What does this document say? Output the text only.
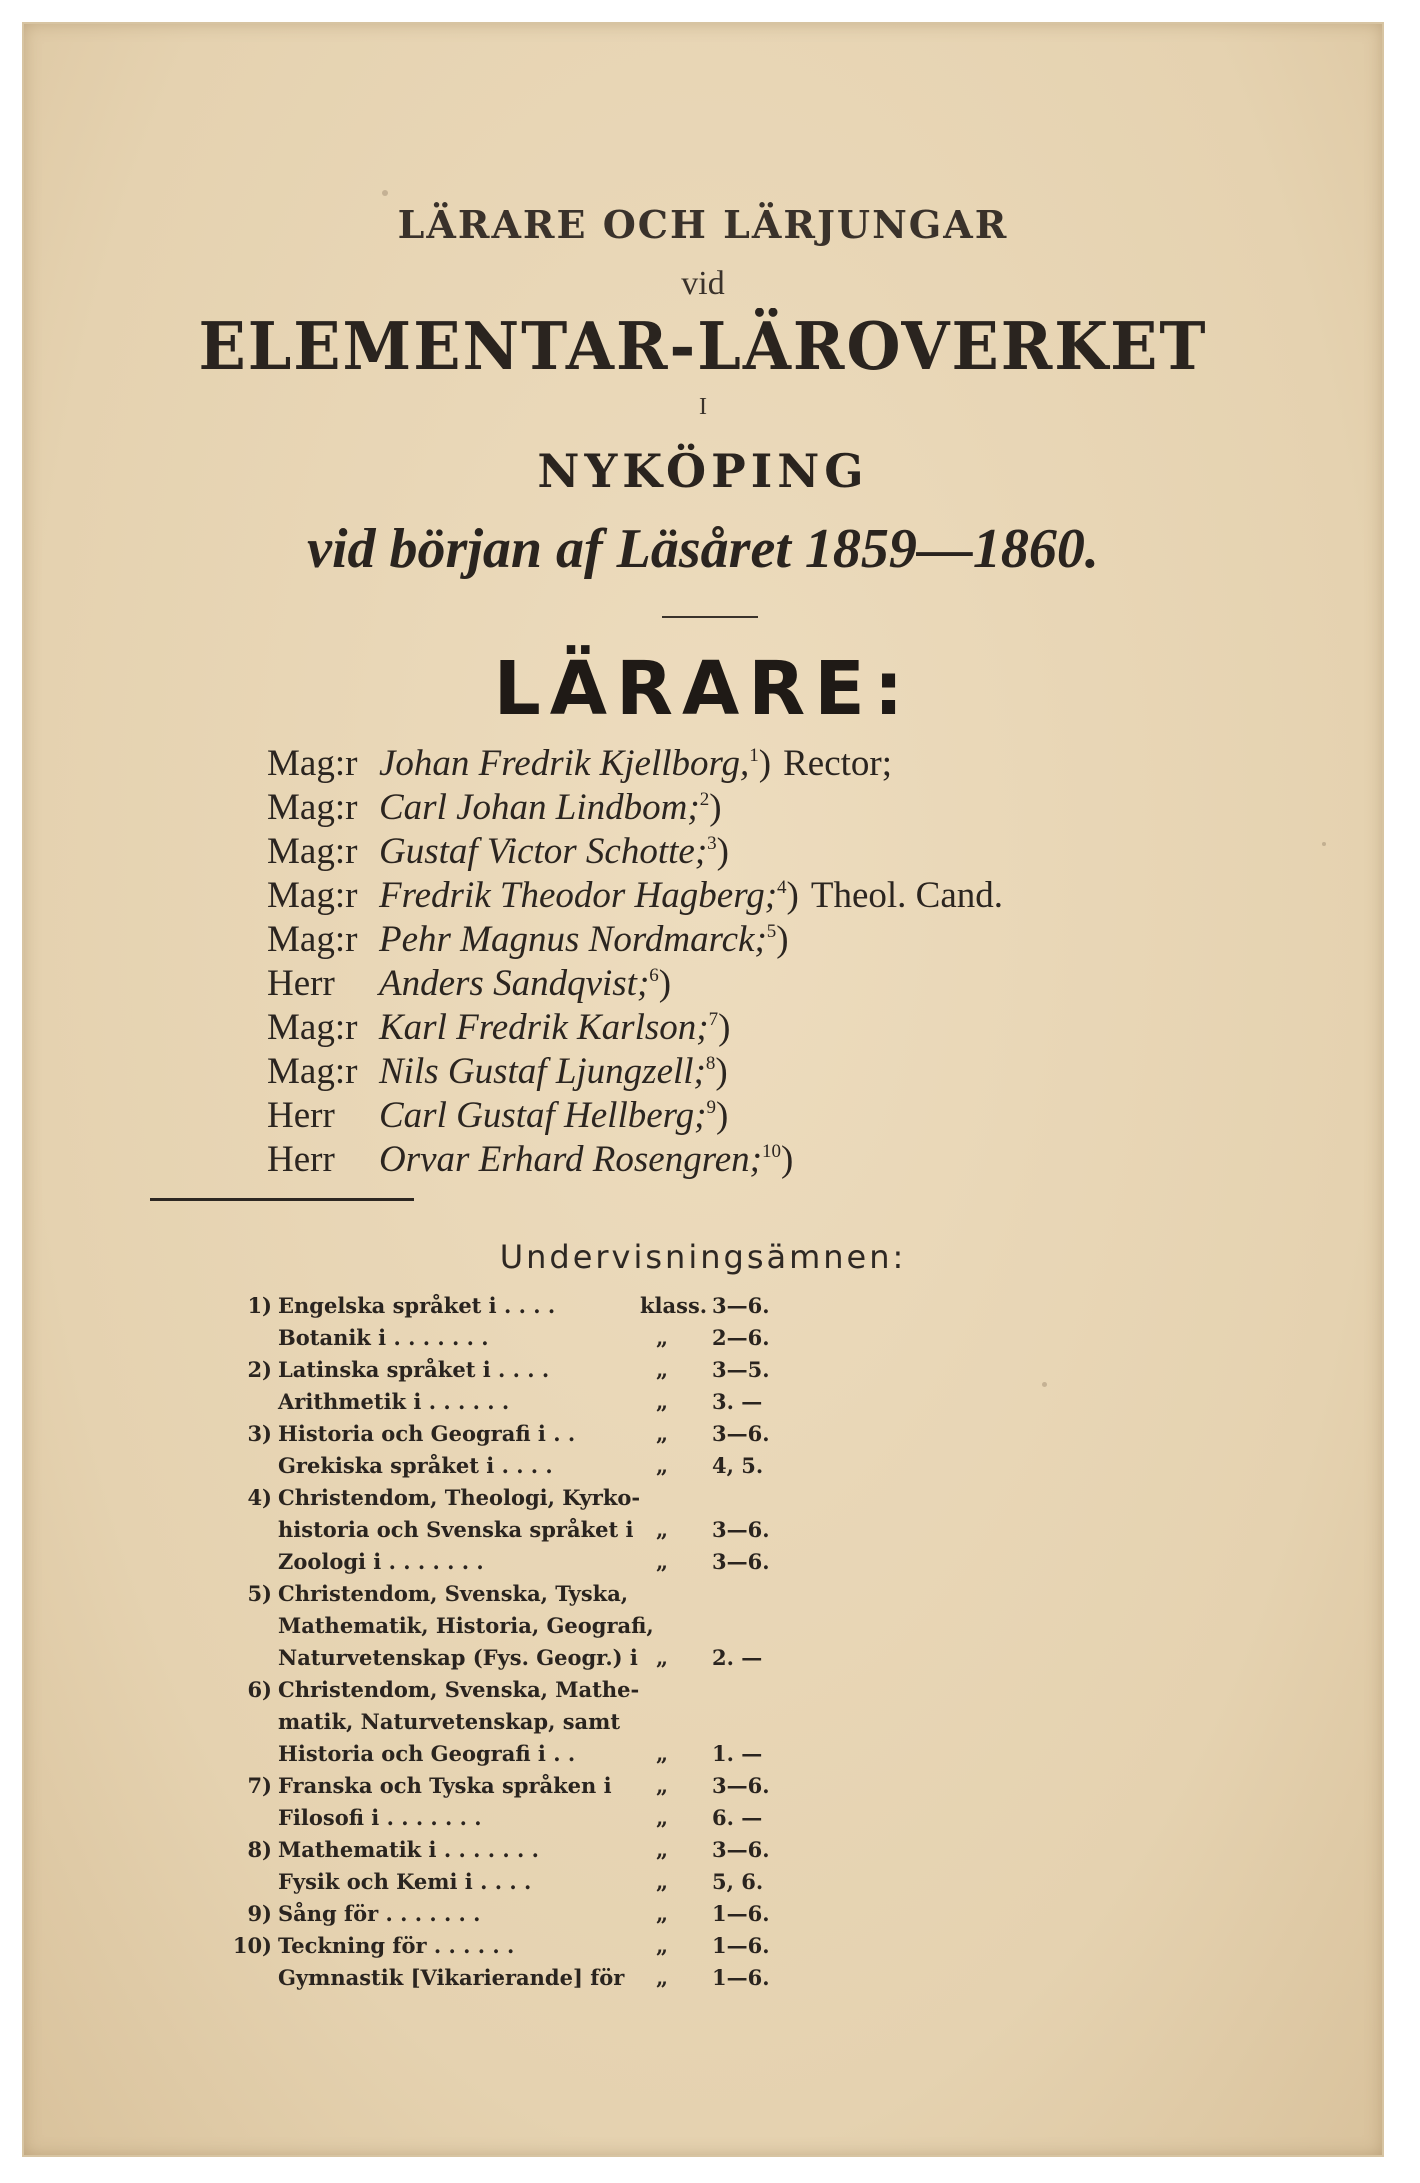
LÄRARE OCH LÄRJUNGAR
vid
ELEMENTAR-LÄROVERKET
I
NYKÖPING
vid början af Läsåret 1859—1860.
LÄRARE:
Mag:r Johan Fredrik Kjellborg,$^1$) Rector;
Mag:r Carl Johan Lindbom;$^2$)
Mag:r Gustaf Victor Schotte;$^3$)
Mag:r Fredrik Theodor Hagberg;$^4$) Theol. Cand.
Mag:r Pehr Magnus Nordmarck;$^5$)
Herr Anders Sandqvist;$^6$)
Mag:r Karl Fredrik Karlson;$^7$)
Mag:r Nils Gustaf Ljungzell;$^8$)
Herr Carl Gustaf Hellberg;$^9$)
Herr Orvar Erhard Rosengren;$^{10}$)
Undervisningsämnen:
1) Engelska språket i . . . .	klass. 3—6.
Botanik i . . . . . . .	„ 2—6.
2) Latinska språket i . . . .	„ 3—5.
Arithmetik i . . . . . .	„ 3. —
3) Historia och Geografi i . .	„ 3—6.
Grekiska språket i . . . .	„ 4, 5.
4) Christendom, Theologi, Kyrko-
historia och Svenska språket i „ 3—6.
Zoologi i . . . . . . .	„ 3—6.
5) Christendom, Svenska, Tyska,
Mathematik, Historia, Geografi,
Naturvetenskap (Fys. Geogr.) i „ 2. —
6) Christendom, Svenska, Mathe-
matik, Naturvetenskap, samt
Historia och Geografi i . .	„ 1. —
7) Franska och Tyska språken i „ 3—6.
Filosofi i . . . . . . .	„ 6. —
8) Mathematik i . . . . . . .	„ 3—6.
Fysik och Kemi i . . . .	„ 5, 6.
9) Sång för . . . . . . .	„ 1—6.
10) Teckning för . . . . . .	„ 1—6.
Gymnastik [Vikarierande] för „ 1—6.
